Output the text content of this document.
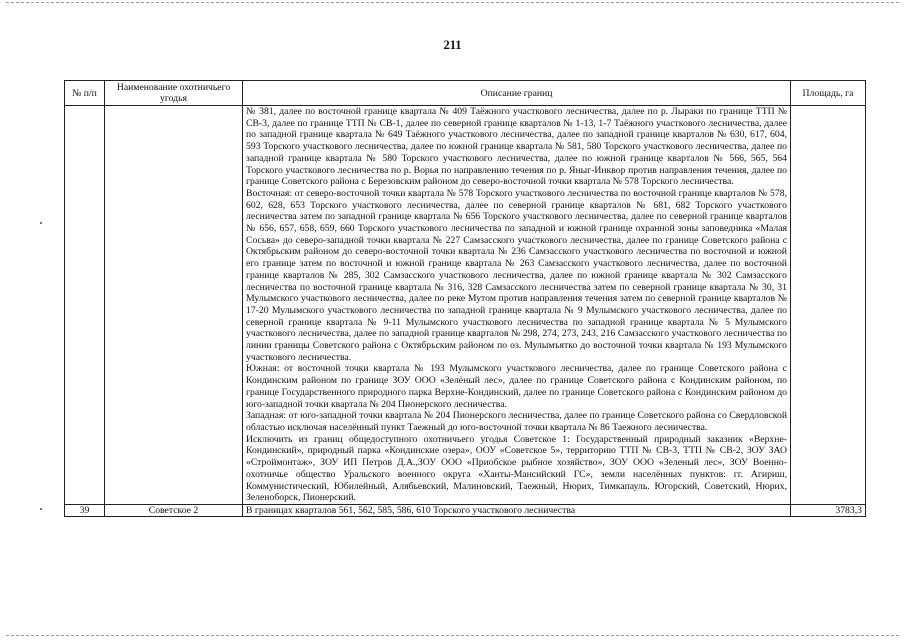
211
№ п/п	Наименование охотничьего угодья	Описание границ	Площадь, га

		№ 381, далее по восточной границе квартала № 409 Таёжного участкового лесничества, далее по р. Лыраки по границе ТТП № СВ-3, далее по границе ТТП № СВ-1, далее по северной границе кварталов № 1-13, 1-7 Таёжного участкового лесничества, далее по западной границе квартала № 649 Таёжного участкового лесничества, далее по западной границе кварталов № 630, 617, 604, 593 Торского участкового лесничества, далее по южной границе квартала № 581, 580 Торского участкового лесничества, далее по западной границе квартала № 580 Торского участкового лесничества, далее по южной границе кварталов № 566, 565, 564 Торского участкового лесничества по р. Ворья по направлению течения по р. Яныг-Инквор против направления течения, далее по границе Советского района с Березовским районом до северо-восточной точки квартала № 578 Торского лесничества.

Восточная: от северо-восточной точки квартала № 578 Торского участкового лесничества по восточной границе кварталов № 578, 602, 628, 653 Торского участкового лесничества, далее по северной границе кварталов № 681, 682 Торского участкового лесничества затем по западной границе квартала № 656 Торского участкового лесничества, далее по северной границе кварталов № 656, 657, 658, 659, 660 Торского участкового лесничества по западной и южной границе охранной зоны заповедника «Малая Сосьва» до северо-западной точки квартала № 227 Самзасского участкового лесничества, далее по границе Советского района с Октябрьским районом до северо-восточной точки квартала № 236 Самзасского участкового лесничества по восточной и южной его границе затем по восточной и южной границе квартала № 263 Самзасского участкового лесничества, далее по восточной границе кварталов № 285, 302 Самзасского участкового лесничества, далее по южной границе квартала № 302 Самзасского лесничества по восточной границе квартала № 316, 328 Самзасского лесничества затем по северной границе квартала № 30, 31 Мулымского участкового лесничества, далее по реке Мутом против направления течения затем по северной границе кварталов № 17-20 Мулымского участкового лесничества по западной границе квартала № 9 Мулымского участкового лесничества, далее по северной границе квартала № 9-11 Мулымского участкового лесничества по западной границе квартала № 5 Мулымского участкового лесничества, далее по западной границе кварталов № 298, 274, 273, 243, 216 Самзасского участкового лесничества по линии границы Советского района с Октябрьским районом по оз. Мулымъятко до восточной точки квартала № 193 Мулымского участкового лесничества.

Южная: от восточной точки квартала № 193 Мулымского участкового лесничества, далее по границе Советского района с Кондинским районом по границе ЗОУ ООО «Зелёный лес», далее по границе Советского района с Кондинским районом, по границе Государственного природного парка Верхне-Кондинский, далее по границе Советского района с Кондинским районом до юго-западной точки квартала № 204 Пионерского лесничества.

Западная: от юго-западной точки квартала № 204 Пионерского лесничества, далее по границе Советского района со Свердловской областью исключая населённый пункт Таежный до юго-восточной точки квартала № 86 Таежного лесничества.

Исключить из границ общедоступного охотничьего угодья Советское 1: Государственный природный заказник «Верхне-Кондинский», природный парка «Кондинские озера», ООУ «Советское 5», территорию ТТП № СВ-3, ТТП № СВ-2, ЗОУ ЗАО «Строймонтаж», ЗОУ ИП Петров Д.А.,ЗОУ ООО «Приобское рыбное хозяйство», ЗОУ ООО «Зеленый лес», ЗОУ Военно-охотничье общество Уральского военного округа «Ханты-Мансийский ГС», земли населённых пунктов: гг. Агириш, Коммунистический, Юбилейный, Алябьевский, Малиновский, Таежный, Нюрих, Тимкапауль. Югорский, Советский, Нюрих, Зеленоборск, Пионерский.	

39	Советское 2	В границах кварталов 561, 562, 585, 586, 610 Торского участкового лесничества	3783,3
